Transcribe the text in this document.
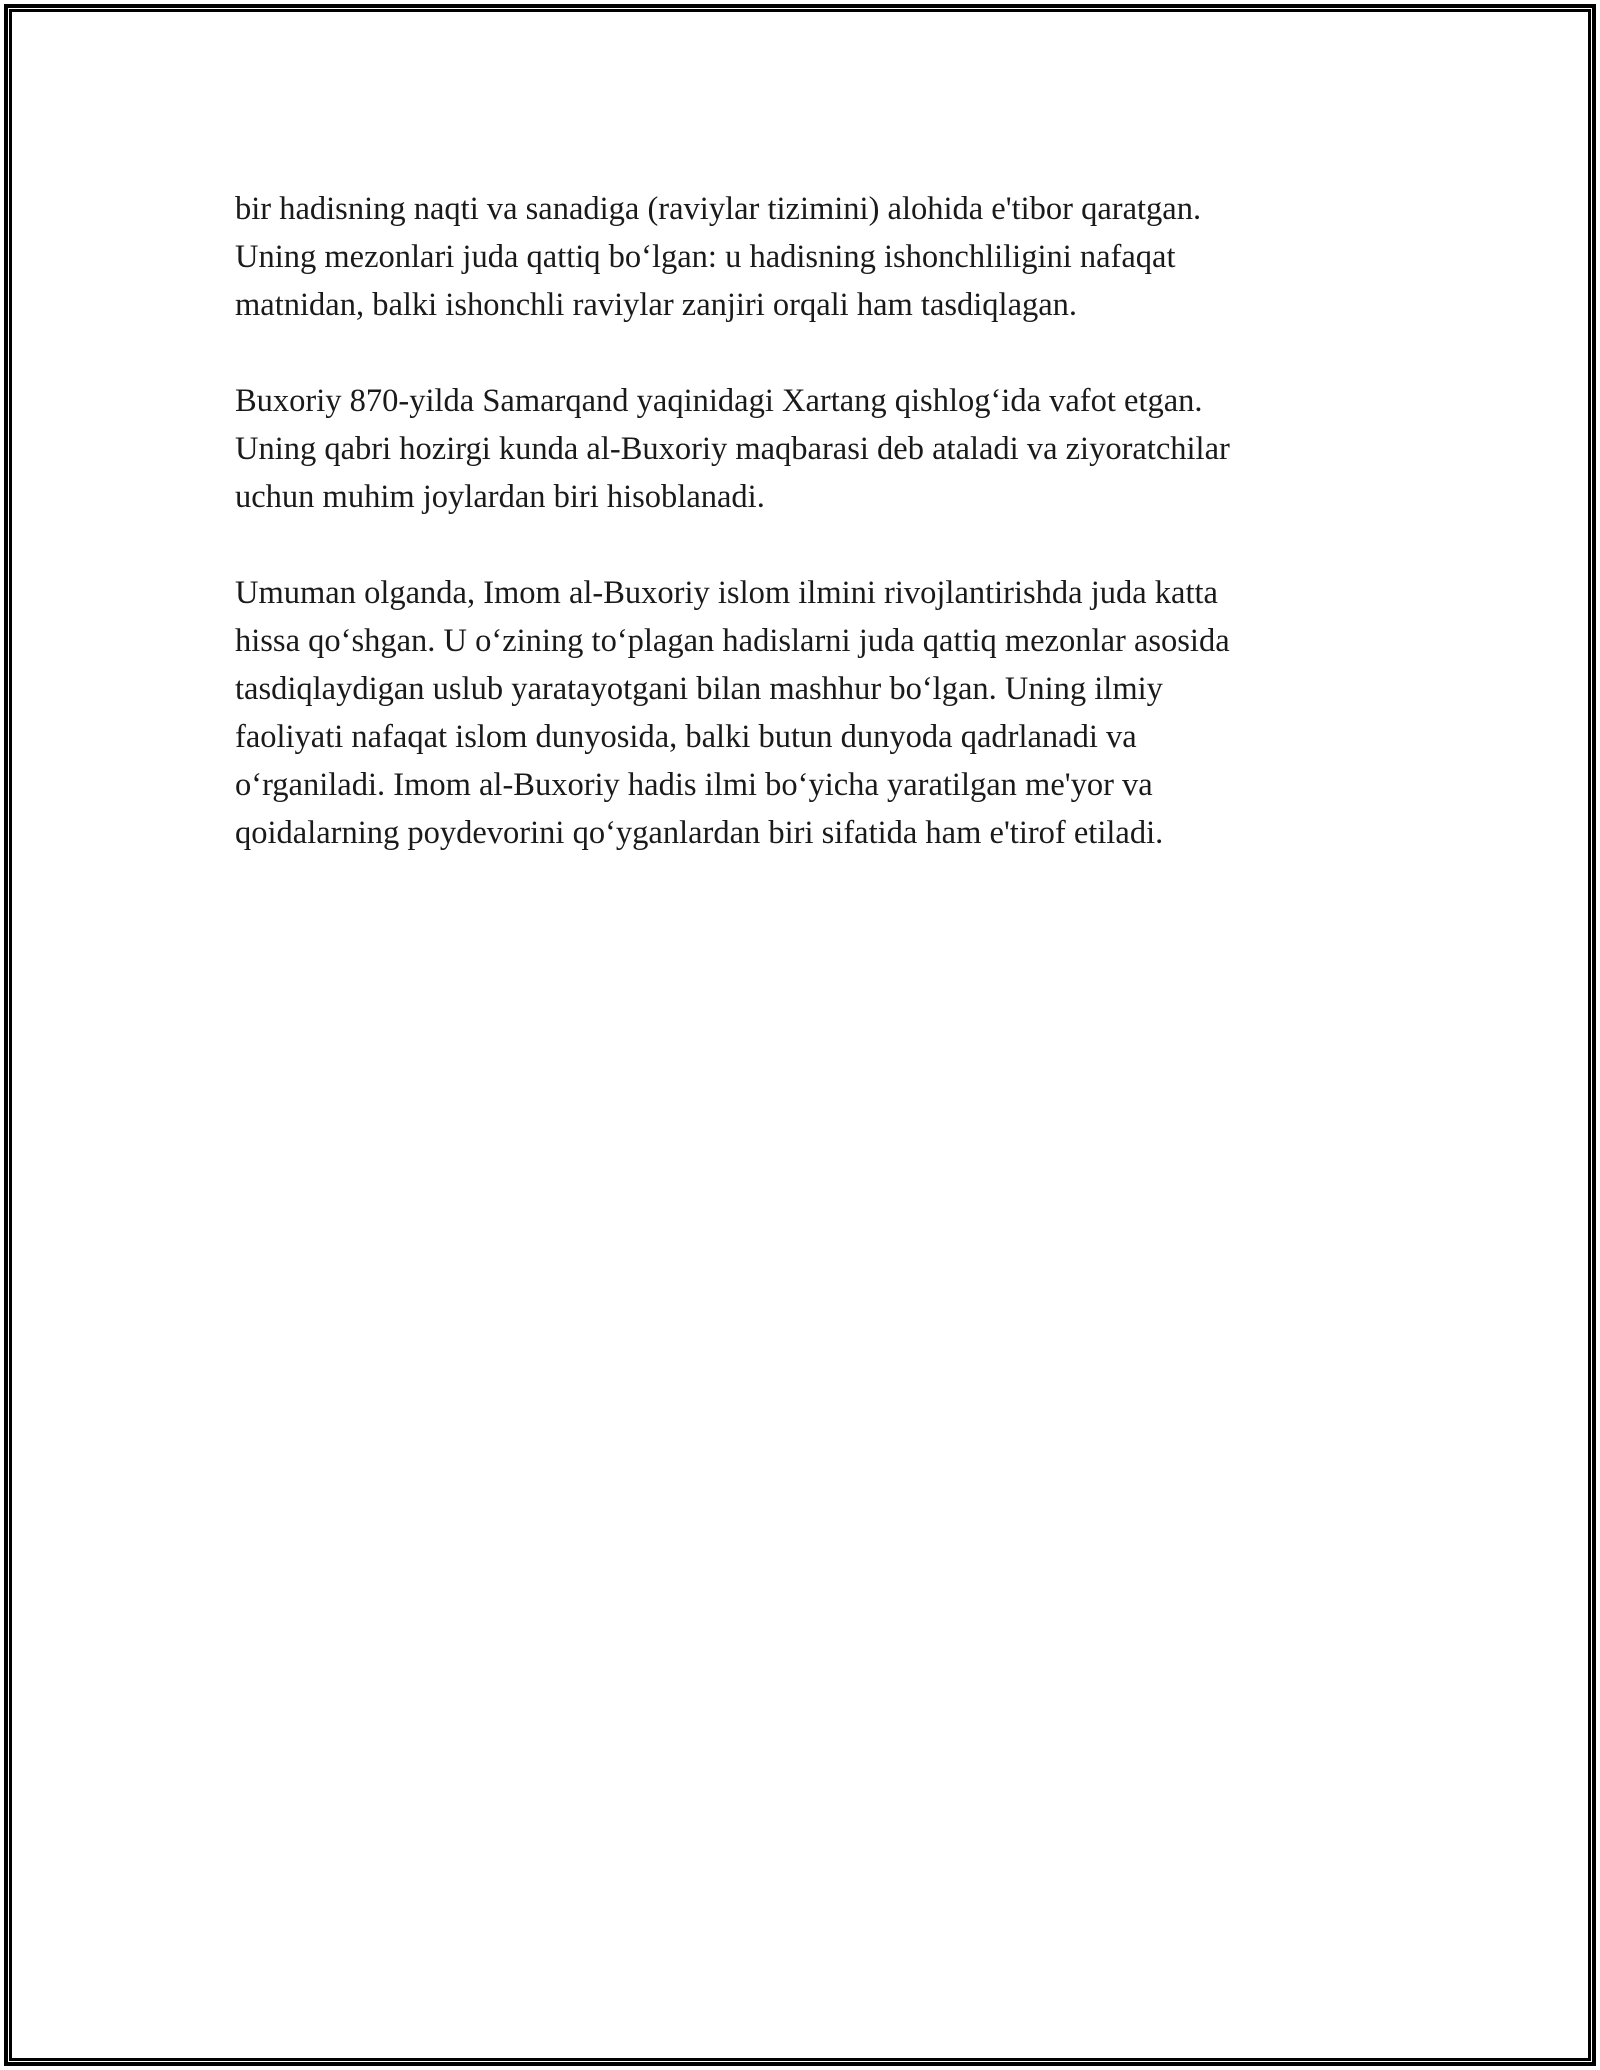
bir hadisning naqti va sanadiga (raviylar tizimini) alohida e'tibor qaratgan.
Uning mezonlari juda qattiq bo‘lgan: u hadisning ishonchliligini nafaqat
matnidan, balki ishonchli raviylar zanjiri orqali ham tasdiqlagan.

Buxoriy 870-yilda Samarqand yaqinidagi Xartang qishlog‘ida vafot etgan.
Uning qabri hozirgi kunda al-Buxoriy maqbarasi deb ataladi va ziyoratchilar
uchun muhim joylardan biri hisoblanadi.

Umuman olganda, Imom al-Buxoriy islom ilmini rivojlantirishda juda katta
hissa qo‘shgan. U o‘zining to‘plagan hadislarni juda qattiq mezonlar asosida
tasdiqlaydigan uslub yaratayotgani bilan mashhur bo‘lgan. Uning ilmiy
faoliyati nafaqat islom dunyosida, balki butun dunyoda qadrlanadi va
o‘rganiladi. Imom al-Buxoriy hadis ilmi bo‘yicha yaratilgan me'yor va
qoidalarning poydevorini qo‘yganlardan biri sifatida ham e'tirof etiladi.
